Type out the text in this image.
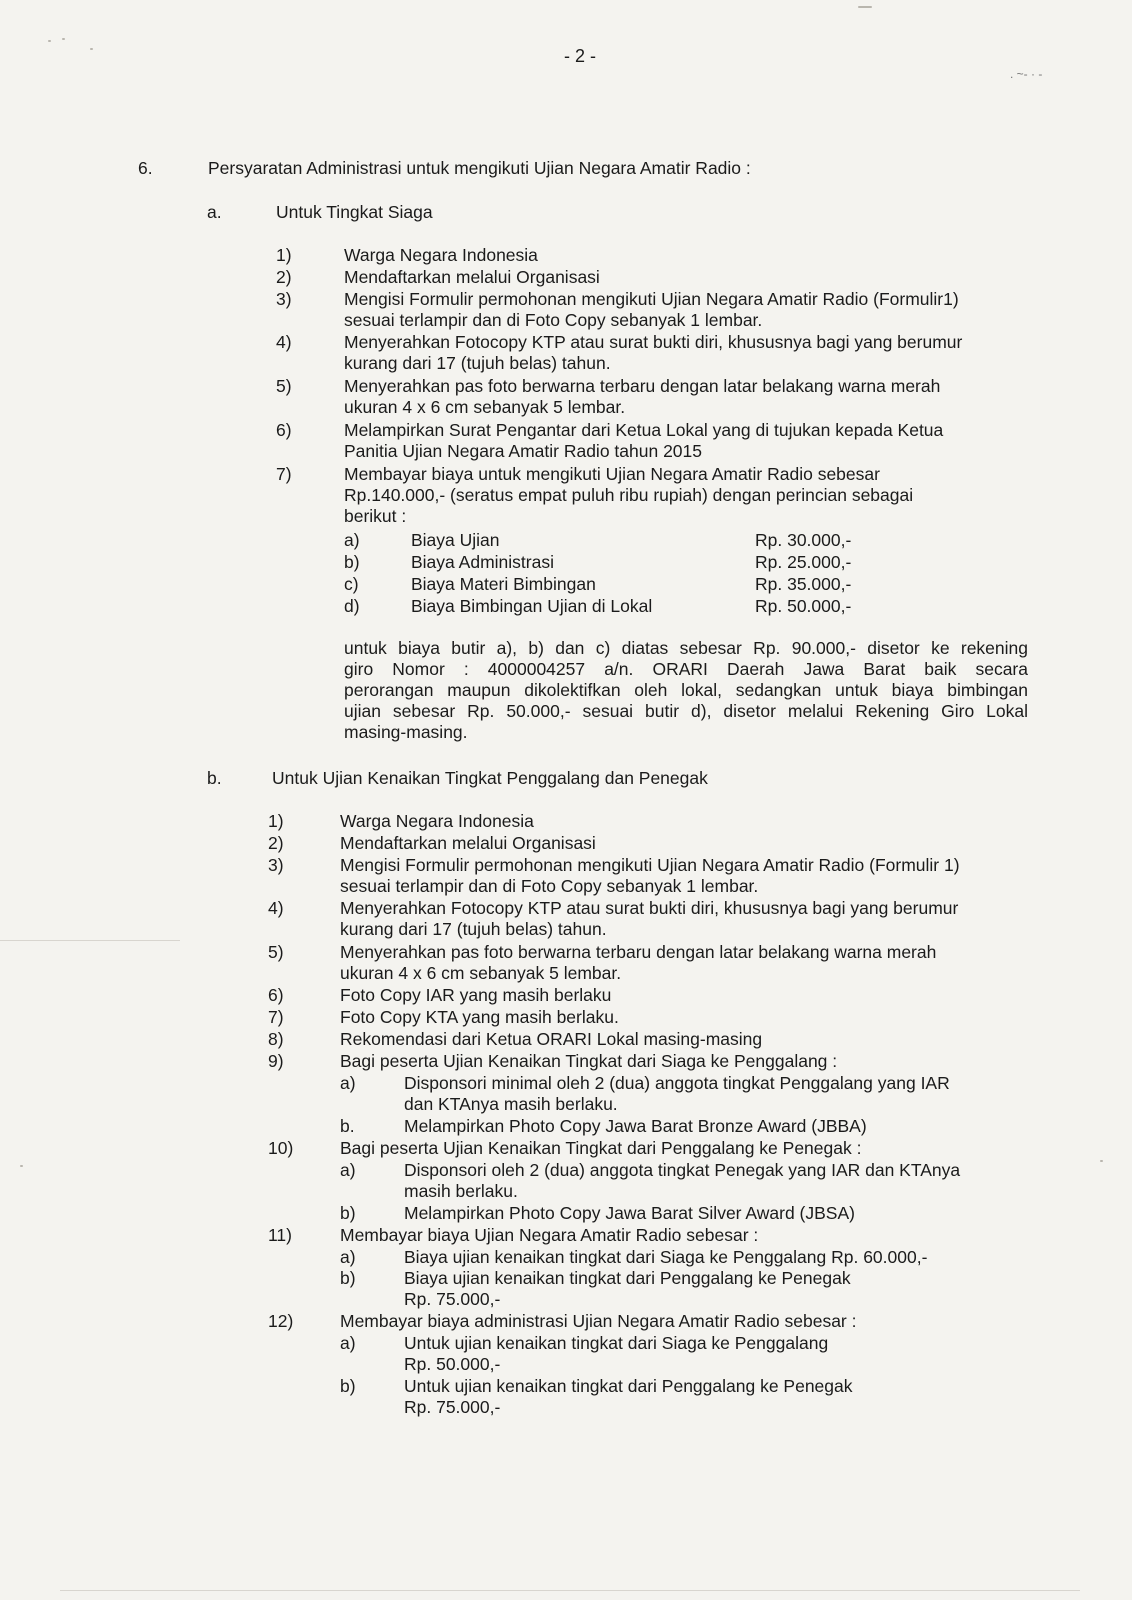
- 2 -
. ~- · -
6.	Persyaratan Administrasi untuk mengikuti Ujian Negara Amatir Radio :
a.	Untuk Tingkat Siaga
1)	Warga Negara Indonesia
2)	Mendaftarkan melalui Organisasi
3)	Mengisi Formulir permohonan mengikuti Ujian Negara Amatir Radio (Formulir1)
sesuai terlampir dan di Foto Copy sebanyak 1 lembar.
4)	Menyerahkan Fotocopy KTP atau surat bukti diri, khususnya bagi yang berumur
kurang dari 17 (tujuh belas) tahun.
5)	Menyerahkan pas foto berwarna terbaru dengan latar belakang warna merah
ukuran 4 x 6 cm sebanyak 5 lembar.
6)	Melampirkan Surat Pengantar dari Ketua Lokal yang di tujukan kepada Ketua
Panitia Ujian Negara Amatir Radio tahun 2015
7)	Membayar biaya untuk mengikuti Ujian Negara Amatir Radio sebesar
Rp.140.000,- (seratus empat puluh ribu rupiah) dengan perincian sebagai
berikut :
a)	Biaya Ujian	Rp. 30.000,-
b)	Biaya Administrasi	Rp. 25.000,-
c)	Biaya Materi Bimbingan	Rp. 35.000,-
d)	Biaya Bimbingan Ujian di Lokal	Rp. 50.000,-
untuk biaya butir a), b) dan c) diatas sebesar Rp. 90.000,- disetor ke rekening
giro Nomor : 4000004257 a/n. ORARI Daerah Jawa Barat baik secara
perorangan maupun dikolektifkan oleh lokal, sedangkan untuk biaya bimbingan
ujian sebesar Rp. 50.000,- sesuai butir d), disetor melalui Rekening Giro Lokal
masing-masing.
b.	Untuk Ujian Kenaikan Tingkat Penggalang dan Penegak
1)	Warga Negara Indonesia
2)	Mendaftarkan melalui Organisasi
3)	Mengisi Formulir permohonan mengikuti Ujian Negara Amatir Radio (Formulir 1)
sesuai terlampir dan di Foto Copy sebanyak 1 lembar.
4)	Menyerahkan Fotocopy KTP atau surat bukti diri, khususnya bagi yang berumur
kurang dari 17 (tujuh belas) tahun.
5)	Menyerahkan pas foto berwarna terbaru dengan latar belakang warna merah
ukuran 4 x 6 cm sebanyak 5 lembar.
6)	Foto Copy IAR yang masih berlaku
7)	Foto Copy KTA yang masih berlaku.
8)	Rekomendasi dari Ketua ORARI Lokal masing-masing
9)	Bagi peserta Ujian Kenaikan Tingkat dari Siaga ke Penggalang :
a)	Disponsori minimal oleh 2 (dua) anggota tingkat Penggalang yang IAR
dan KTAnya masih berlaku.
b.	Melampirkan Photo Copy Jawa Barat Bronze Award (JBBA)
10)	Bagi peserta Ujian Kenaikan Tingkat dari Penggalang ke Penegak :
a)	Disponsori oleh 2 (dua) anggota tingkat Penegak yang IAR dan KTAnya
masih berlaku.
b)	Melampirkan Photo Copy Jawa Barat Silver Award (JBSA)
11)	Membayar biaya Ujian Negara Amatir Radio sebesar :
a)	Biaya ujian kenaikan tingkat dari Siaga ke Penggalang Rp. 60.000,-
b)	Biaya ujian kenaikan tingkat dari Penggalang ke Penegak
Rp. 75.000,-
12)	Membayar biaya administrasi Ujian Negara Amatir Radio sebesar :
a)	Untuk ujian kenaikan tingkat dari Siaga ke Penggalang
Rp. 50.000,-
b)	Untuk ujian kenaikan tingkat dari Penggalang ke Penegak
Rp. 75.000,-
